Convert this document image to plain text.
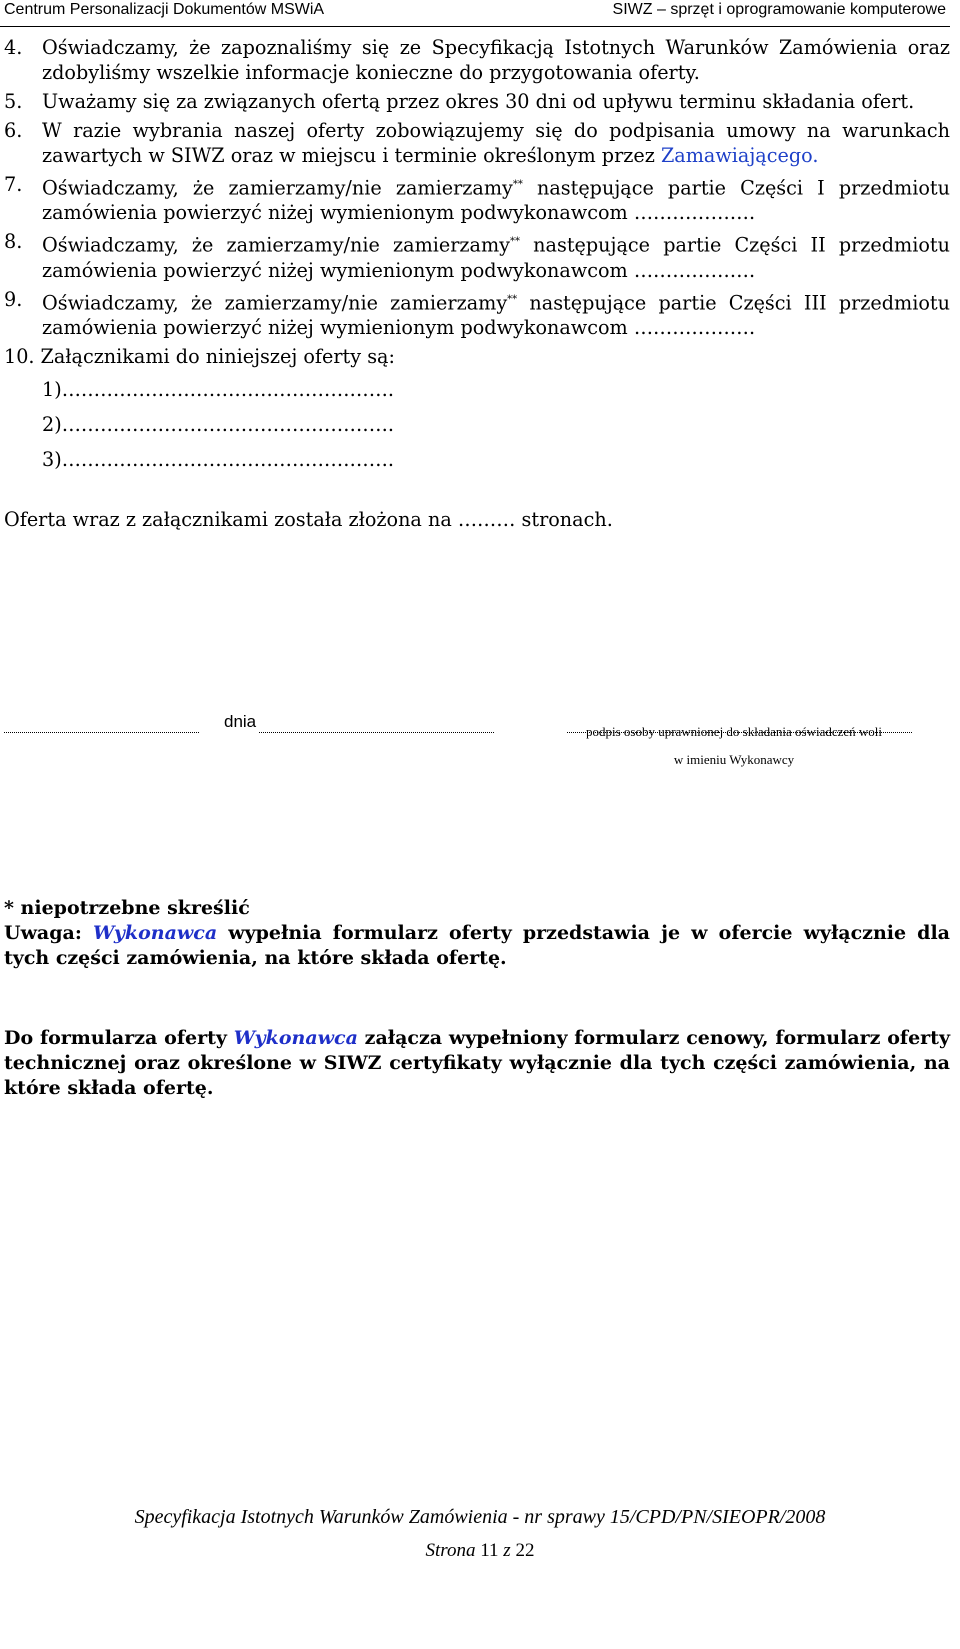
Centrum Personalizacji Dokumentów MSWiA	SIWZ – sprzęt i oprogramowanie komputerowe
4. Oświadczamy, że zapoznaliśmy się ze Specyfikacją Istotnych Warunków Zamówienia oraz zdobyliśmy wszelkie informacje konieczne do przygotowania oferty.
5. Uważamy się za związanych ofertą przez okres 30 dni od upływu terminu składania ofert.
6. W razie wybrania naszej oferty zobowiązujemy się do podpisania umowy na warunkach zawartych w SIWZ oraz w miejscu i terminie określonym przez Zamawiającego.
7. Oświadczamy, że zamierzamy/nie zamierzamy** następujące partie Części I przedmiotu zamówienia powierzyć niżej wymienionym podwykonawcom ……………….
8. Oświadczamy, że zamierzamy/nie zamierzamy** następujące partie Części II przedmiotu zamówienia powierzyć niżej wymienionym podwykonawcom ……………….
9. Oświadczamy, że zamierzamy/nie zamierzamy** następujące partie Części III przedmiotu zamówienia powierzyć niżej wymienionym podwykonawcom ……………….
10. Załącznikami do niniejszej oferty są:
1)…………………………………………….
2)…………………………………………….
3)…………………………………………….
Oferta wraz z załącznikami została złożona na ……… stronach.
dnia
podpis osoby uprawnionej do składania oświadczeń woli
w imieniu Wykonawcy

* niepotrzebne skreślić

Uwaga: Wykonawca wypełnia formularz oferty przedstawia je w ofercie wyłącznie dla tych części zamówienia, na które składa ofertę.

Do formularza oferty Wykonawca załącza wypełniony formularz cenowy, formularz oferty technicznej oraz określone w SIWZ certyfikaty wyłącznie dla tych części zamówienia, na które składa ofertę.

Specyfikacja Istotnych Warunków Zamówienia - nr sprawy 15/CPD/PN/SIEOPR/2008
Strona 11 z 22
